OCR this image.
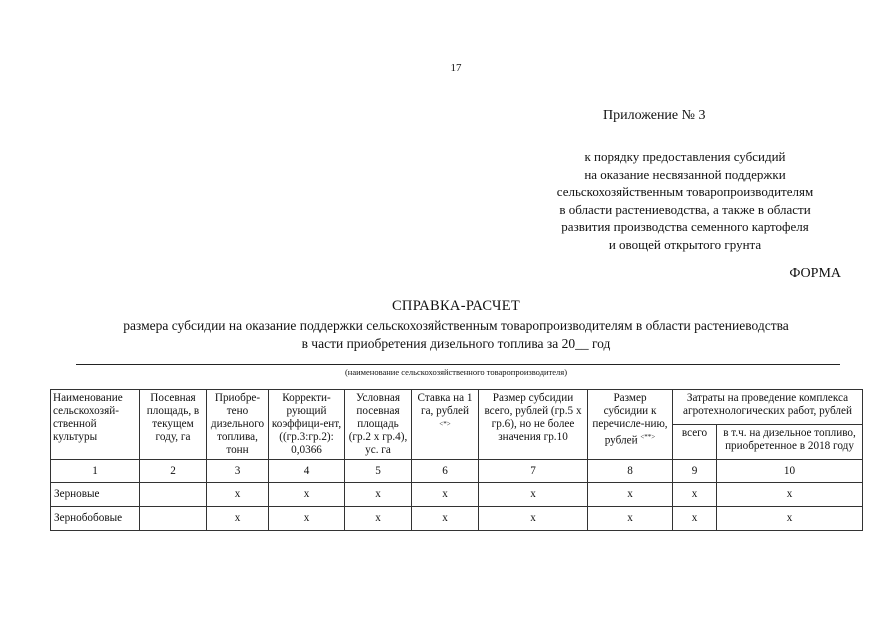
17
Приложение № 3
к порядку предоставления субсидий
на оказание несвязанной поддержки
сельскохозяйственным товаропроизводителям
в области растениеводства, а также в области
развития производства семенного картофеля
и овощей открытого грунта
ФОРМА
СПРАВКА-РАСЧЕТ
размера субсидии на оказание поддержки сельскохозяйственным товаропроизводителям в области растениеводства
в части приобретения дизельного топлива за 20__ год
(наименование сельскохозяйственного товаропроизводителя)
Наименование сельскохозяй-ственной культуры	Посевная площадь, в текущем году, га	Приобре-тено дизельного топлива, тонн	Корректи-рующий коэффици-ент, ((гр.3:гр.2): 0,0366	Условная посевная площадь (гр.2 х гр.4), ус. га	Ставка на 1 га, рублей <*>	Размер субсидии всего, рублей (гр.5 х гр.6), но не более значения гр.10	Размер субсидии к перечисле-нию, рублей <**>	Затраты на проведение комплекса агротехнологических работ, рублей	
								всего	в т.ч. на дизельное топливо, приобретенное в 2018 году
1	2	3	4	5	6	7	8	9	10
Зерновые		х	х	х	х	х	х	х	х
Зернобобовые		х	х	х	х	х	х	х	х
